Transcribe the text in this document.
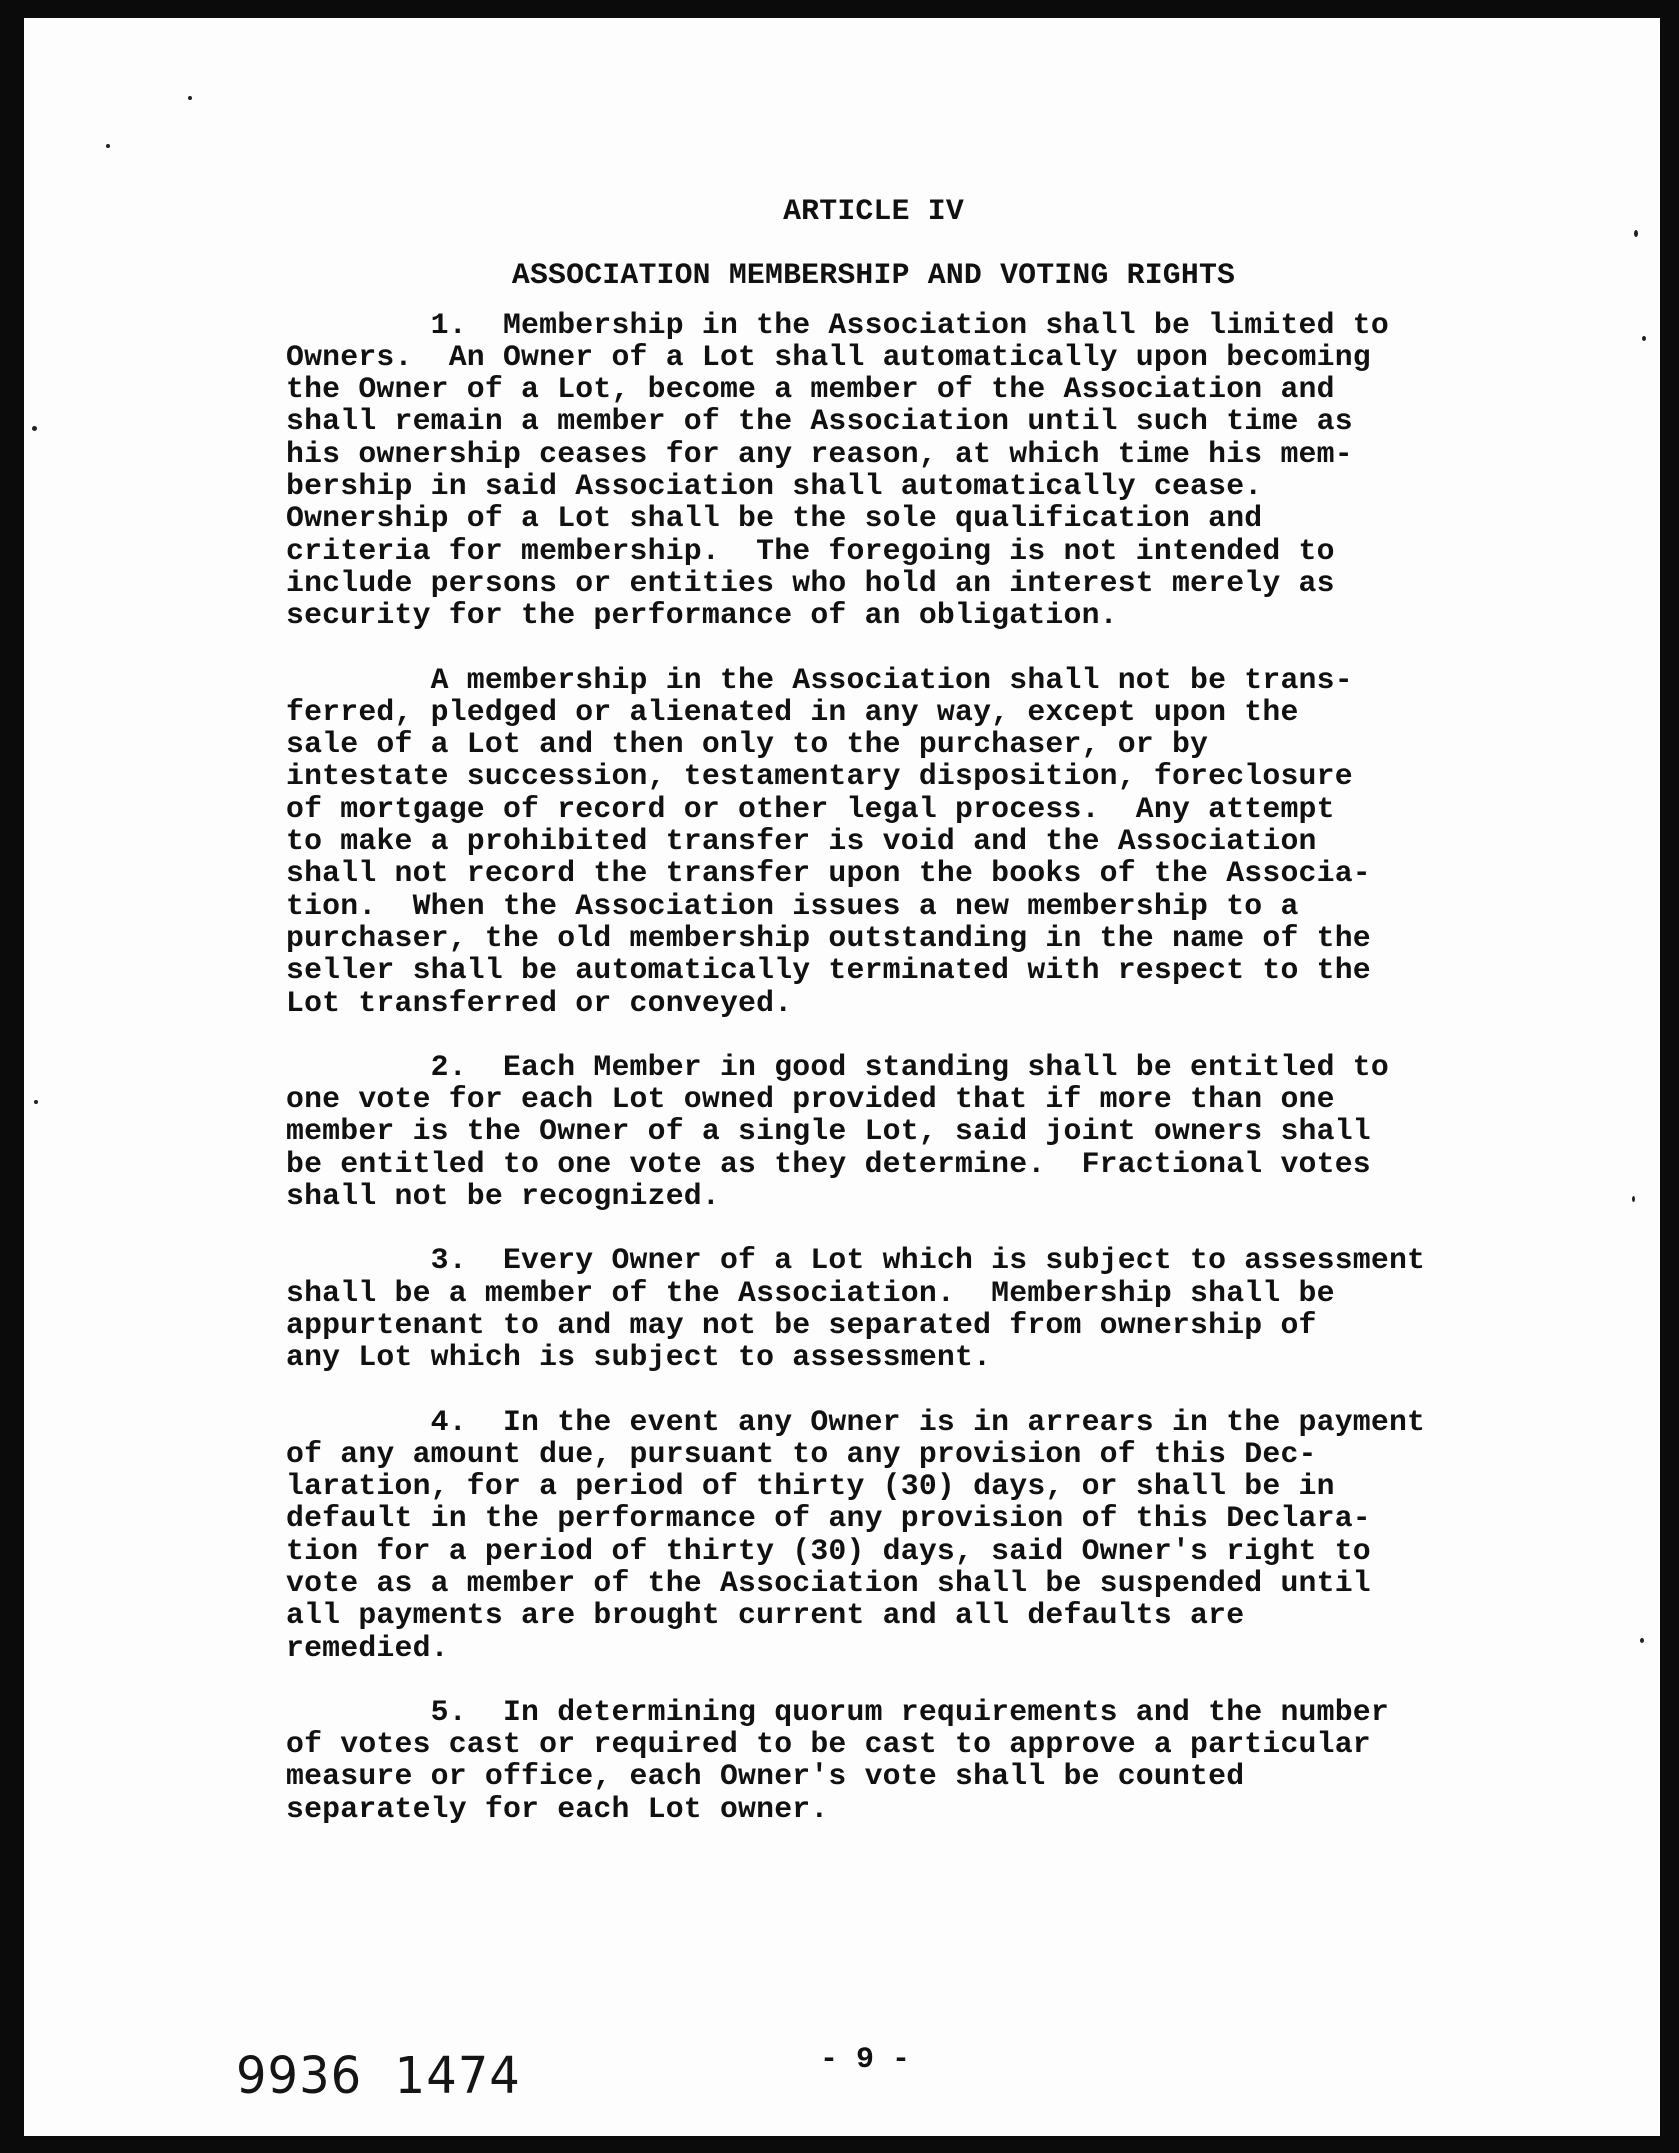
ARTICLE IV
ASSOCIATION MEMBERSHIP AND VOTING RIGHTS
1.  Membership in the Association shall be limited to
Owners.  An Owner of a Lot shall automatically upon becoming
the Owner of a Lot, become a member of the Association and
shall remain a member of the Association until such time as
his ownership ceases for any reason, at which time his mem-
bership in said Association shall automatically cease.
Ownership of a Lot shall be the sole qualification and
criteria for membership.  The foregoing is not intended to
include persons or entities who hold an interest merely as
security for the performance of an obligation.
A membership in the Association shall not be trans-
ferred, pledged or alienated in any way, except upon the
sale of a Lot and then only to the purchaser, or by
intestate succession, testamentary disposition, foreclosure
of mortgage of record or other legal process.  Any attempt
to make a prohibited transfer is void and the Association
shall not record the transfer upon the books of the Associa-
tion.  When the Association issues a new membership to a
purchaser, the old membership outstanding in the name of the
seller shall be automatically terminated with respect to the
Lot transferred or conveyed.
2.  Each Member in good standing shall be entitled to
one vote for each Lot owned provided that if more than one
member is the Owner of a single Lot, said joint owners shall
be entitled to one vote as they determine.  Fractional votes
shall not be recognized.
3.  Every Owner of a Lot which is subject to assessment
shall be a member of the Association.  Membership shall be
appurtenant to and may not be separated from ownership of
any Lot which is subject to assessment.
4.  In the event any Owner is in arrears in the payment
of any amount due, pursuant to any provision of this Dec-
laration, for a period of thirty (30) days, or shall be in
default in the performance of any provision of this Declara-
tion for a period of thirty (30) days, said Owner's right to
vote as a member of the Association shall be suspended until
all payments are brought current and all defaults are
remedied.
5.  In determining quorum requirements and the number
of votes cast or required to be cast to approve a particular
measure or office, each Owner's vote shall be counted
separately for each Lot owner.
- 9 -
9936  1474
